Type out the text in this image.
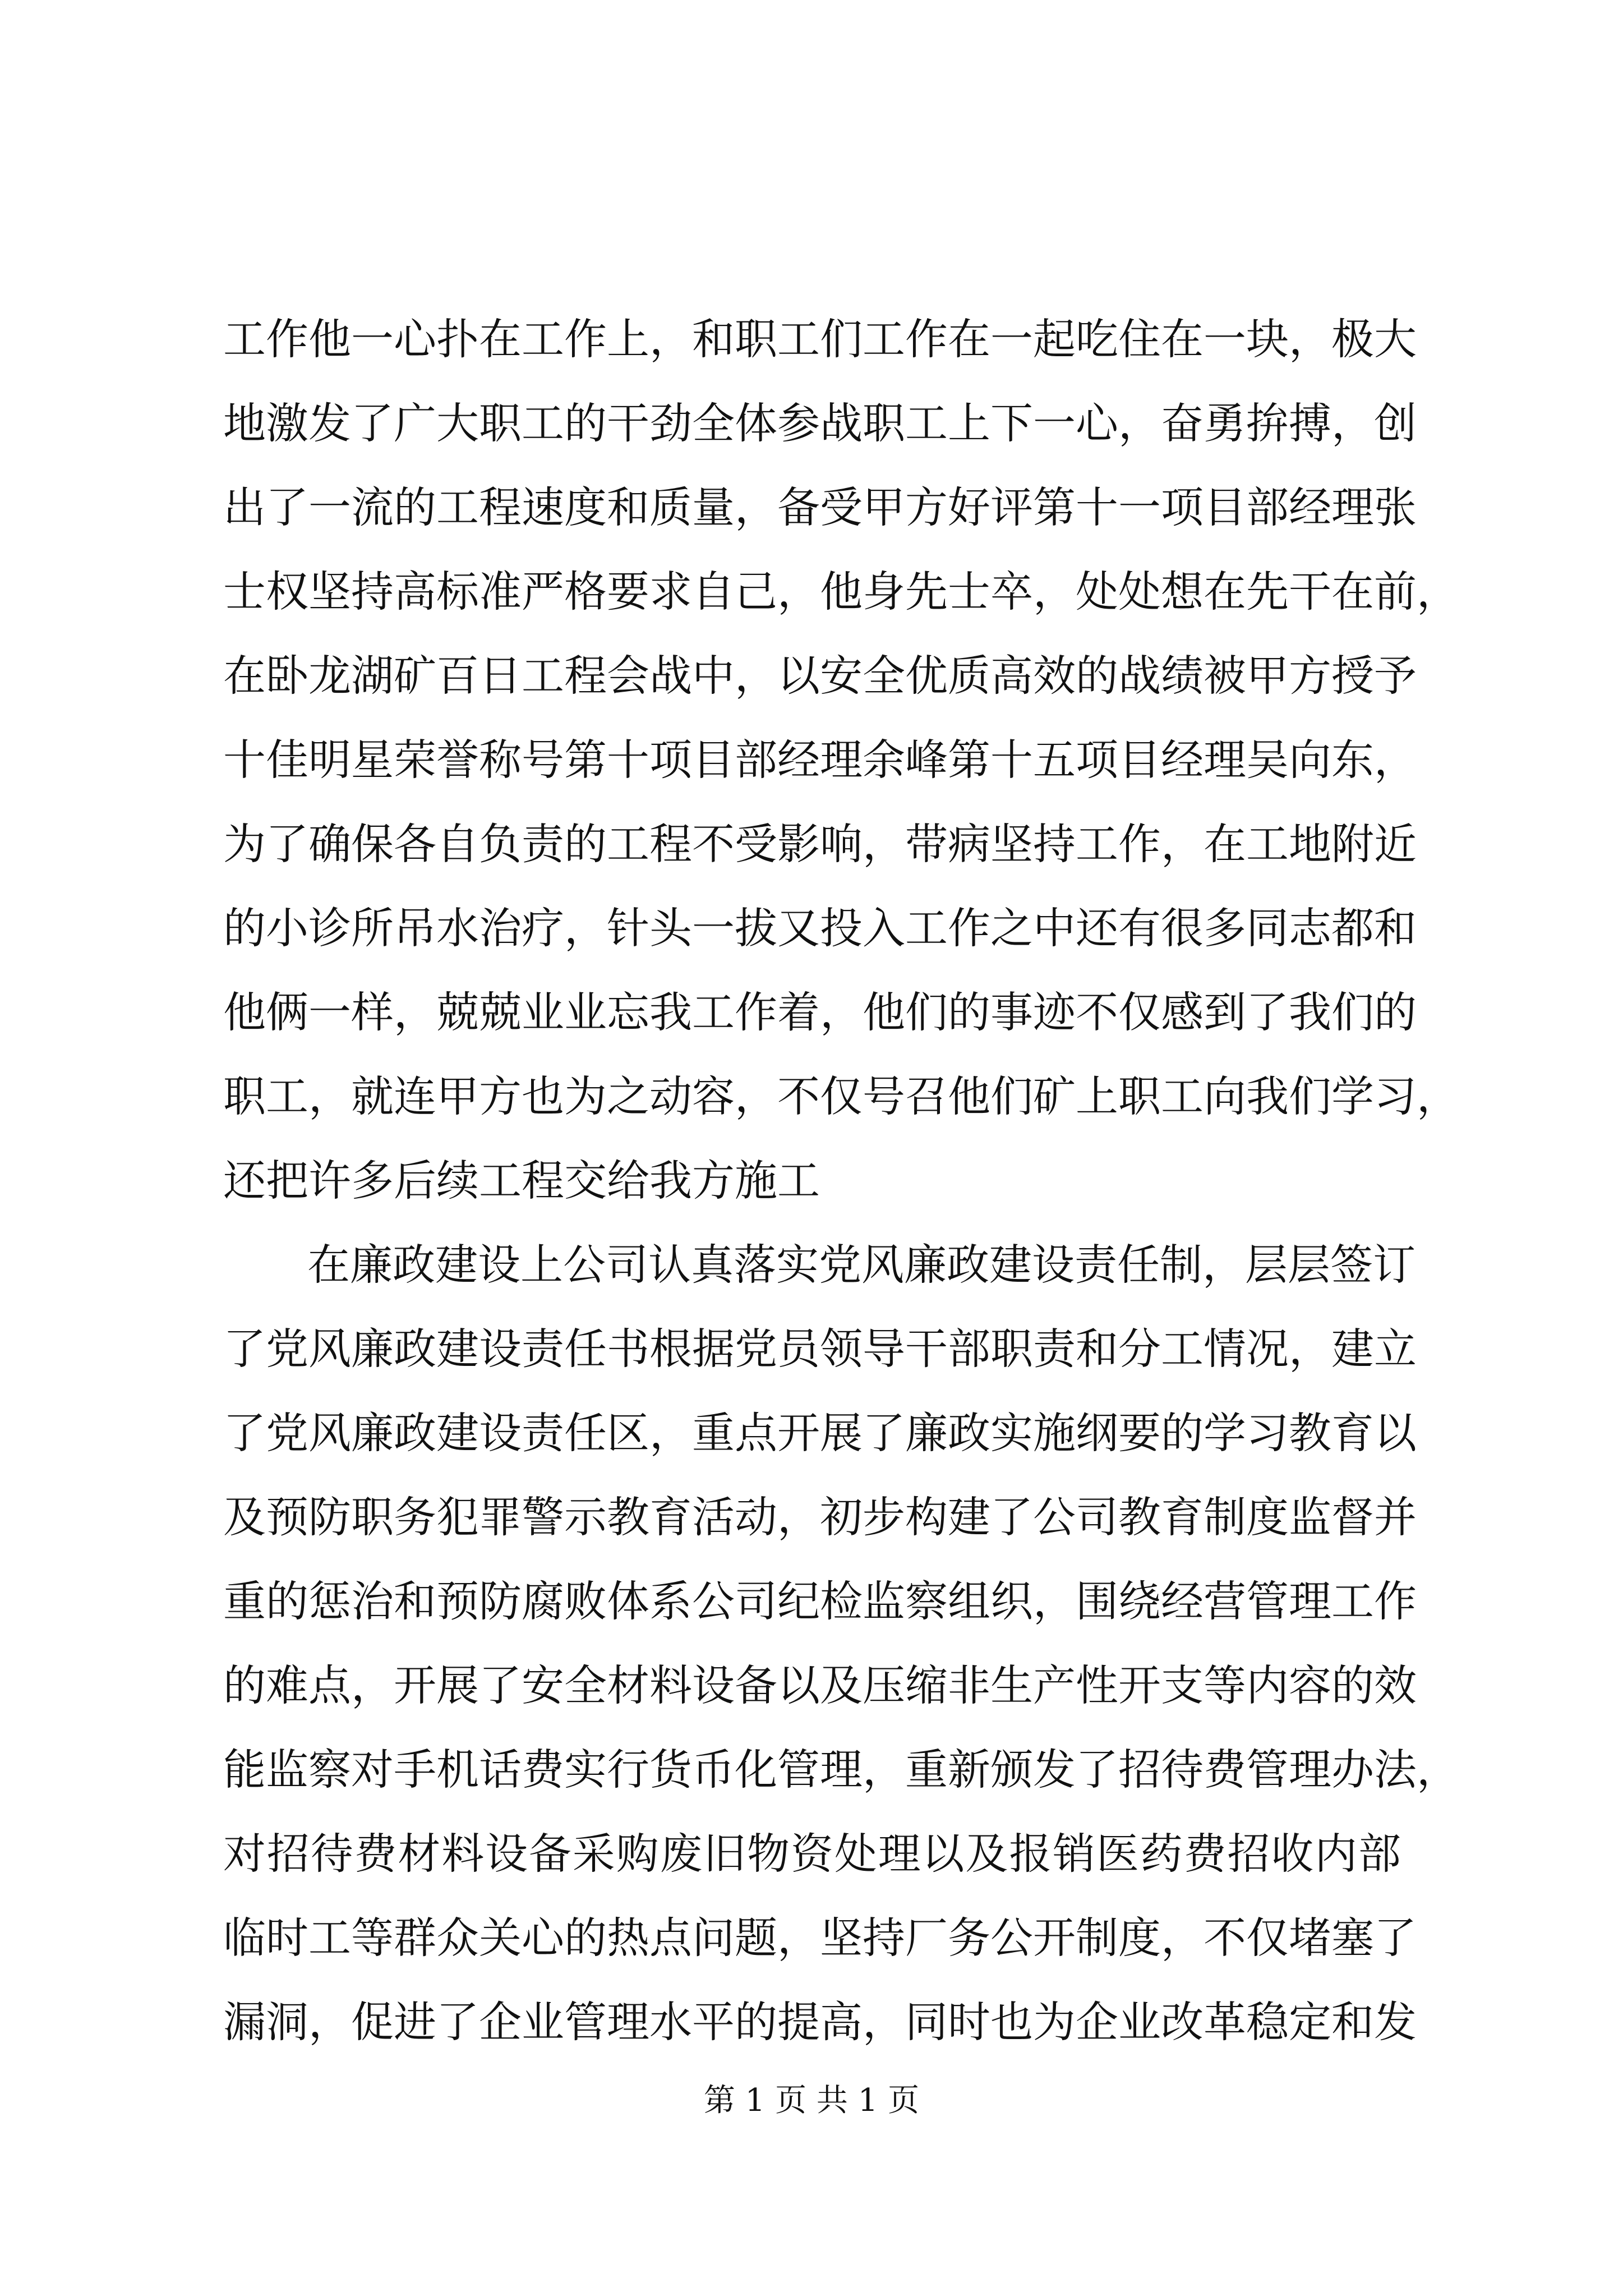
工作他一心扑在工作上，和职工们工作在一起吃住在一块，极大
地激发了广大职工的干劲全体参战职工上下一心，奋勇拚搏，创
出了一流的工程速度和质量，备受甲方好评第十一项目部经理张
士权坚持高标准严格要求自己，他身先士卒，处处想在先干在前，
在卧龙湖矿百日工程会战中，以安全优质高效的战绩被甲方授予
十佳明星荣誉称号第十项目部经理余峰第十五项目经理吴向东，
为了确保各自负责的工程不受影响，带病坚持工作，在工地附近
的小诊所吊水治疗，针头一拔又投入工作之中还有很多同志都和
他俩一样，兢兢业业忘我工作着，他们的事迹不仅感到了我们的
职工，就连甲方也为之动容，不仅号召他们矿上职工向我们学习，
还把许多后续工程交给我方施工
在廉政建设上公司认真落实党风廉政建设责任制，层层签订
了党风廉政建设责任书根据党员领导干部职责和分工情况，建立
了党风廉政建设责任区，重点开展了廉政实施纲要的学习教育以
及预防职务犯罪警示教育活动，初步构建了公司教育制度监督并
重的惩治和预防腐败体系公司纪检监察组织，围绕经营管理工作
的难点，开展了安全材料设备以及压缩非生产性开支等内容的效
能监察对手机话费实行货币化管理，重新颁发了招待费管理办法，
对招待费材料设备采购废旧物资处理以及报销医药费招收内部
临时工等群众关心的热点问题，坚持厂务公开制度，不仅堵塞了
漏洞，促进了企业管理水平的提高，同时也为企业改革稳定和发
第 1 页 共 1 页
